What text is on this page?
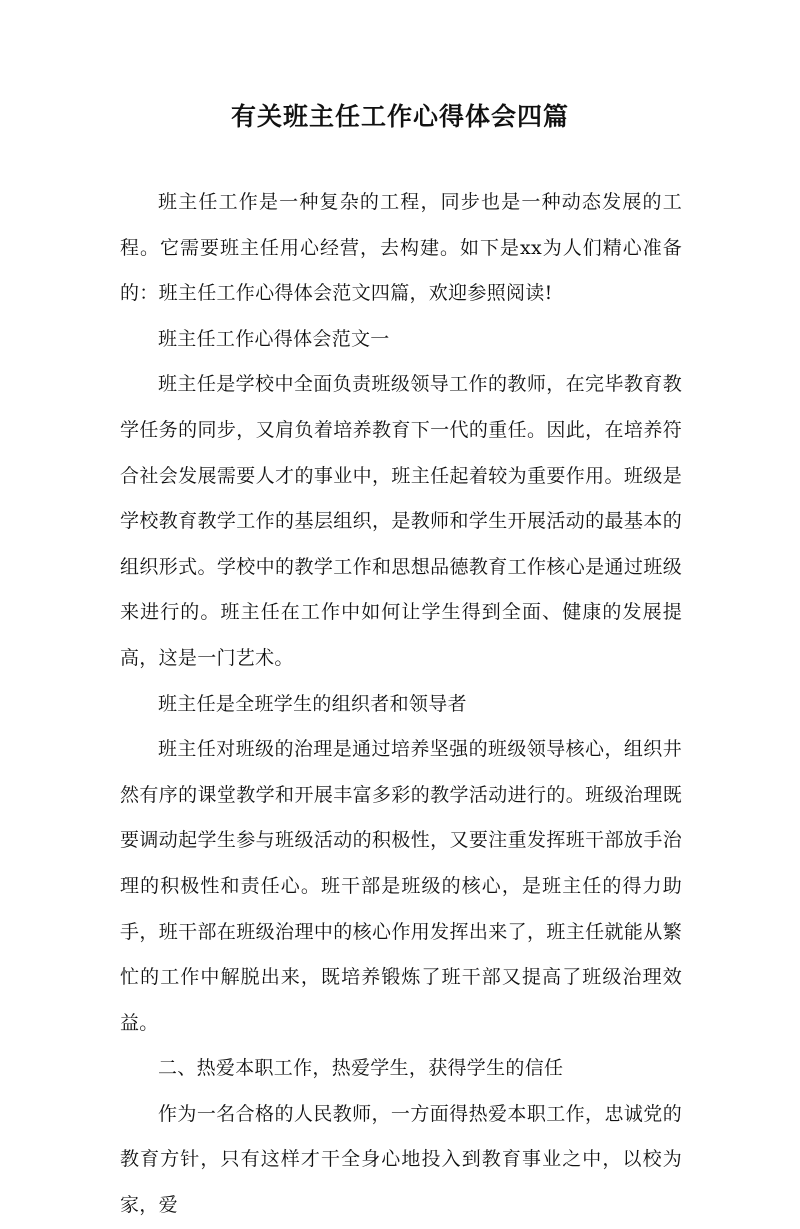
有关班主任工作心得体会四篇

班主任工作是一种复杂的工程，同步也是一种动态发展的工程。它需要班主任用心经营，去构建。如下是xx为人们精心准备的：班主任工作心得体会范文四篇，欢迎参照阅读!

班主任工作心得体会范文一

班主任是学校中全面负责班级领导工作的教师，在完毕教育教学任务的同步，又肩负着培养教育下一代的重任。因此，在培养符合社会发展需要人才的事业中，班主任起着较为重要作用。班级是学校教育教学工作的基层组织，是教师和学生开展活动的最基本的组织形式。学校中的教学工作和思想品德教育工作核心是通过班级来进行的。班主任在工作中如何让学生得到全面、健康的发展提高，这是一门艺术。

班主任是全班学生的组织者和领导者

班主任对班级的治理是通过培养坚强的班级领导核心，组织井然有序的课堂教学和开展丰富多彩的教学活动进行的。班级治理既要调动起学生参与班级活动的积极性，又要注重发挥班干部放手治理的积极性和责任心。班干部是班级的核心，是班主任的得力助手，班干部在班级治理中的核心作用发挥出来了，班主任就能从繁忙的工作中解脱出来，既培养锻炼了班干部又提高了班级治理效益。

二、热爱本职工作，热爱学生，获得学生的信任

作为一名合格的人民教师，一方面得热爱本职工作，忠诚党的教育方针，只有这样才干全身心地投入到教育事业之中，以校为家，爱
